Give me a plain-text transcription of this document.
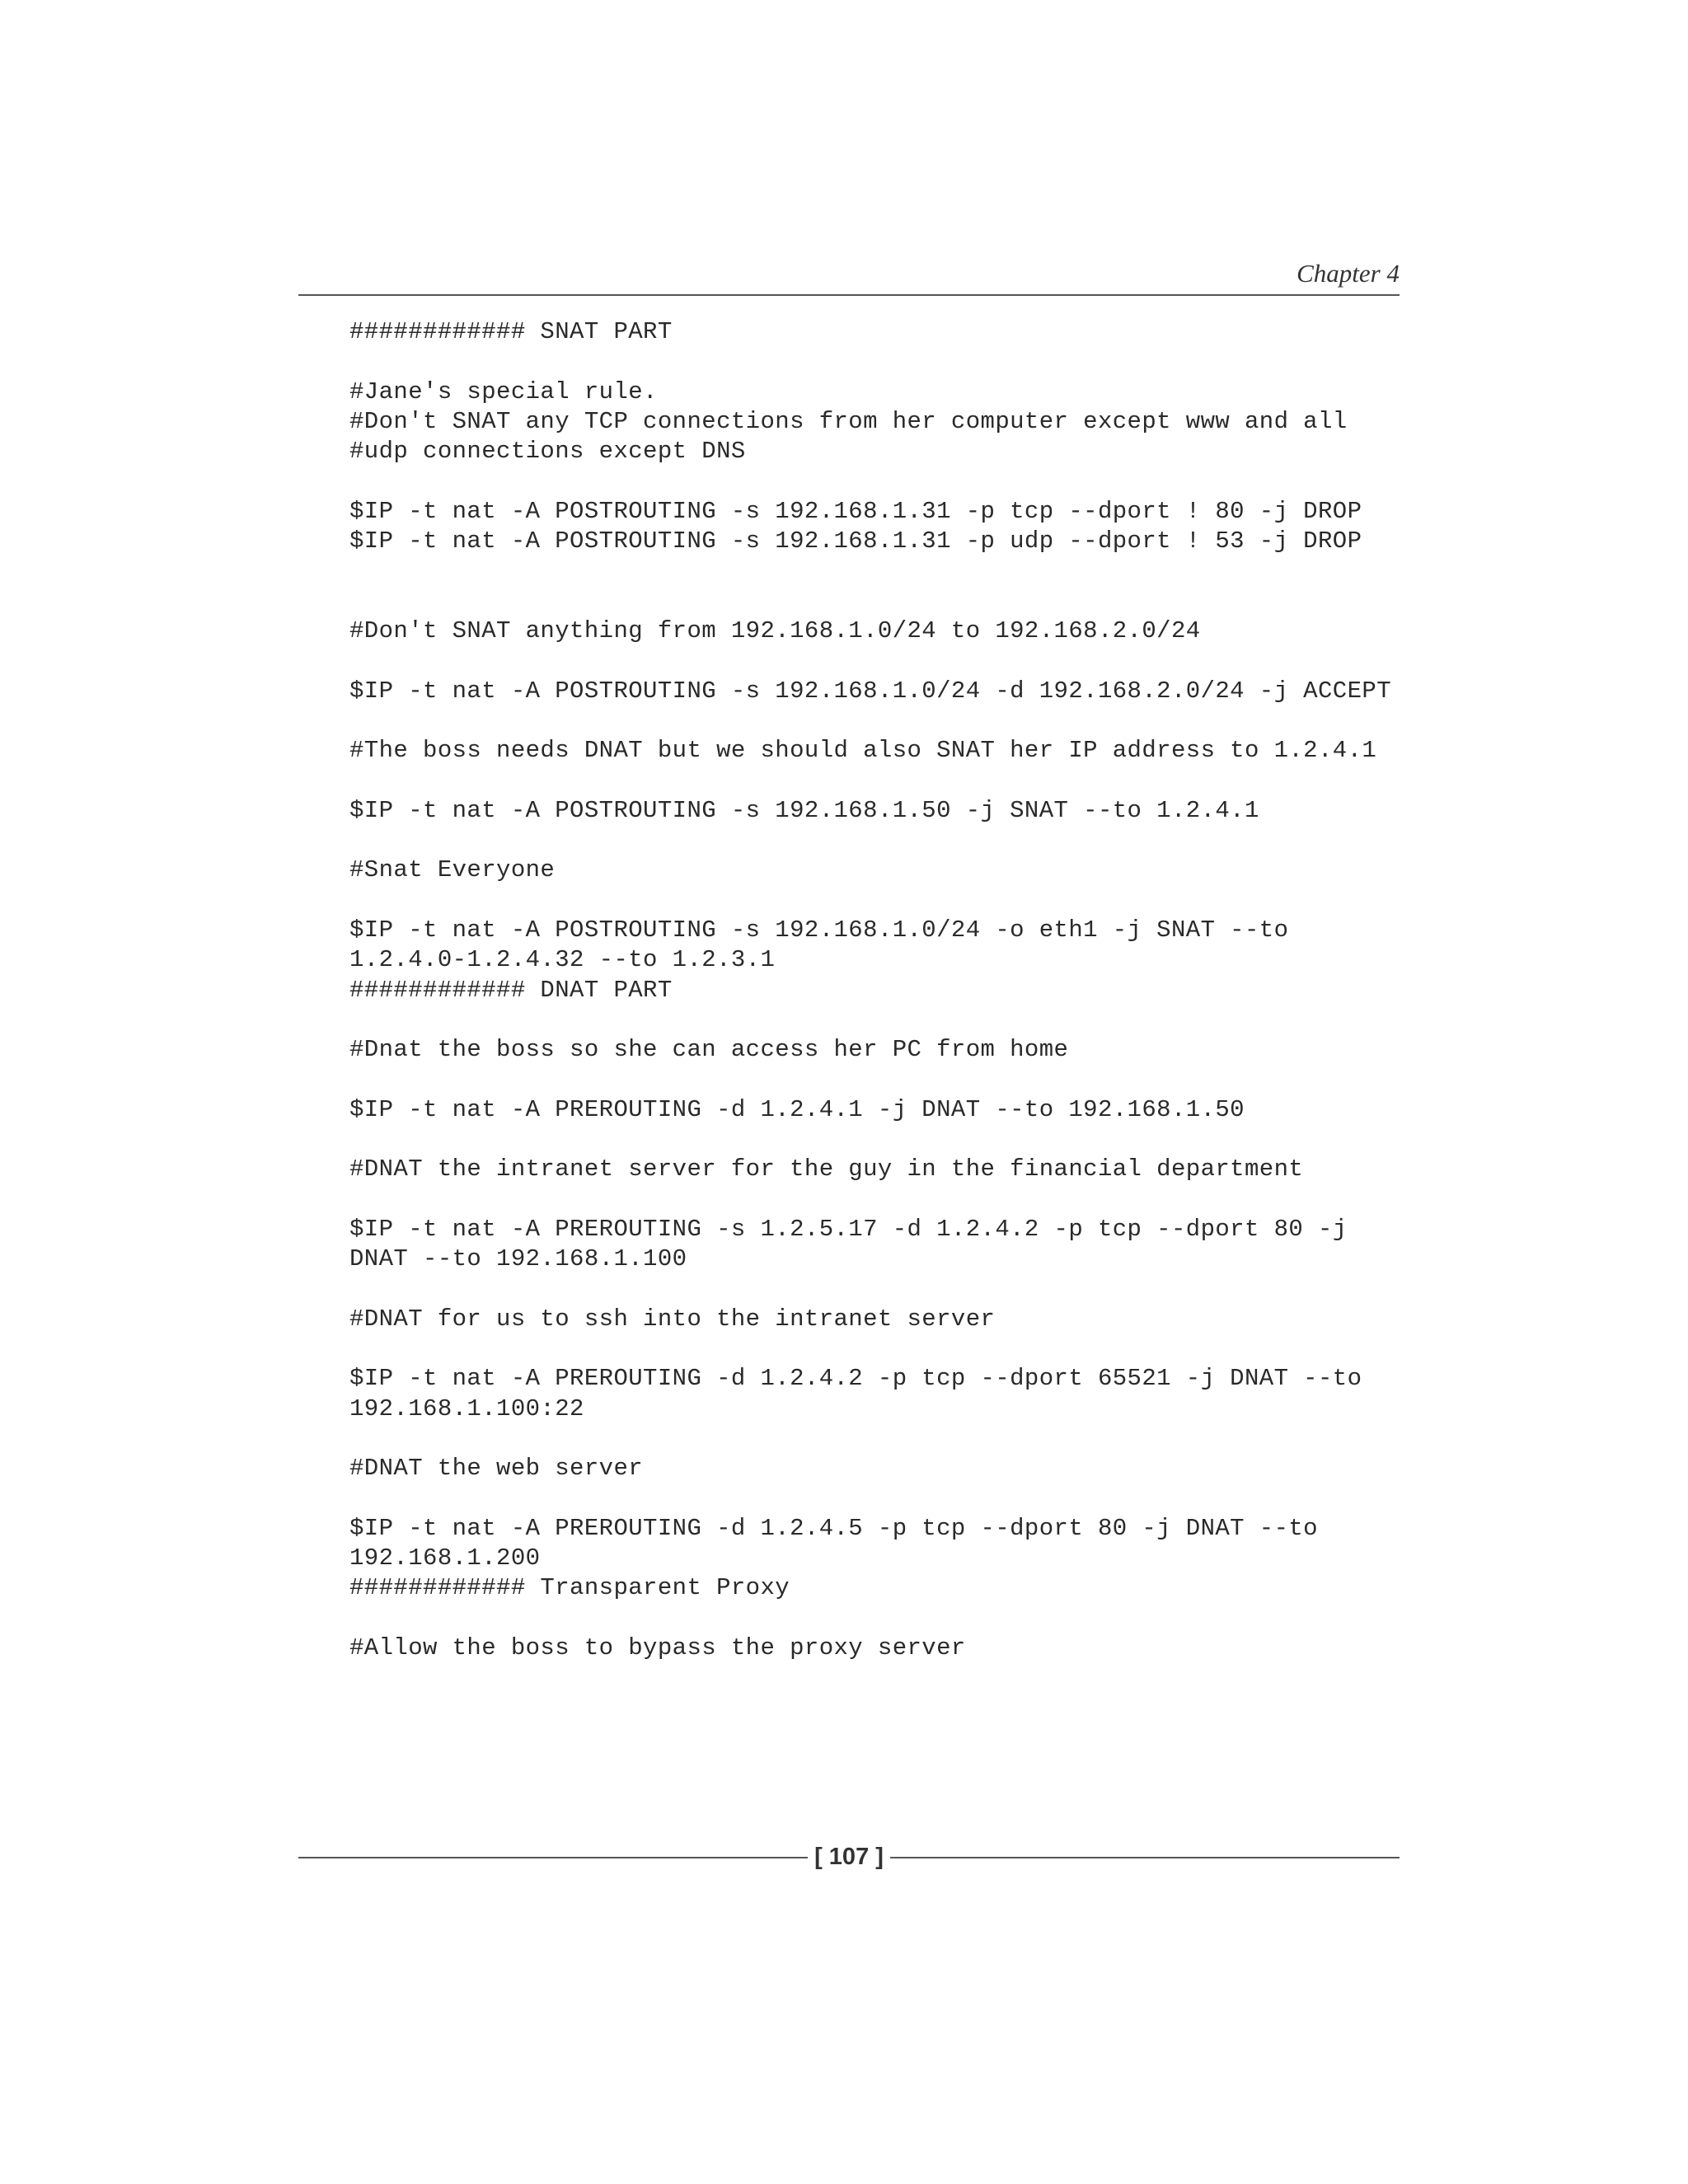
Chapter 4
############ SNAT PART
#Jane's special rule.
#Don't SNAT any TCP connections from her computer except www and all
#udp connections except DNS
$IP -t nat -A POSTROUTING -s 192.168.1.31 -p tcp --dport ! 80 -j DROP
$IP -t nat -A POSTROUTING -s 192.168.1.31 -p udp --dport ! 53 -j DROP
#Don't SNAT anything from 192.168.1.0/24 to 192.168.2.0/24
$IP -t nat -A POSTROUTING -s 192.168.1.0/24 -d 192.168.2.0/24 -j ACCEPT
#The boss needs DNAT but we should also SNAT her IP address to 1.2.4.1
$IP -t nat -A POSTROUTING -s 192.168.1.50 -j SNAT --to 1.2.4.1
#Snat Everyone
$IP -t nat -A POSTROUTING -s 192.168.1.0/24 -o eth1 -j SNAT --to
1.2.4.0-1.2.4.32 --to 1.2.3.1
############ DNAT PART
#Dnat the boss so she can access her PC from home
$IP -t nat -A PREROUTING -d 1.2.4.1 -j DNAT --to 192.168.1.50
#DNAT the intranet server for the guy in the financial department
$IP -t nat -A PREROUTING -s 1.2.5.17 -d 1.2.4.2 -p tcp --dport 80 -j
DNAT --to 192.168.1.100
#DNAT for us to ssh into the intranet server
$IP -t nat -A PREROUTING -d 1.2.4.2 -p tcp --dport 65521 -j DNAT --to
192.168.1.100:22
#DNAT the web server
$IP -t nat -A PREROUTING -d 1.2.4.5 -p tcp --dport 80 -j DNAT --to
192.168.1.200
############ Transparent Proxy
#Allow the boss to bypass the proxy server
[ 107 ]
